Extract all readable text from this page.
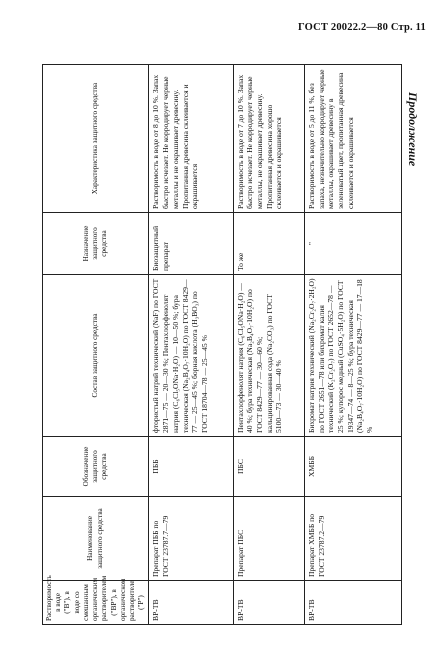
ГОСТ 20022.2—80 Стр. 11
Продолжение
Растворимость в воде ("В"), в воде со смешанным органическим растворителем ("ВР"), в органическом растворителе ("Р")	Наименование защитного средства	Обозначение защитного средства	Состав защитного средства	Назначение защитного средства	Характеристика защитного средства
ВР-ТВ	Препарат ПББ по ГОСТ 23787.7—79	ПББ	фтористый натрий технический (NaF) по ГОСТ 2871—75 — 20—30 %; Пентахлорфенолят натрия (C₆Cl₅ONa·H₂O) — 10—50 %; бура техническая (Na₂B₄O₇·10H₂O) по ГОСТ 8429—77 — 25—45 %; борная кислота (H₃BO₃) по ГОСТ 18704—78 — 25—45 %	Биозащитный препарат	Растворимость в воде от 8 до 10 %. Запах быстро исчезает. Не корродирует черные металлы и не окрашивает древесину. Пропитанная древесина склеивается и окрашивается
ВР-ТВ	Препарат ПБС	ПБС	Пентахлорфенолят натрия (C₆Cl₅ONa·H₂O) — 40 %; бура техническая (Na₂B₄O₇·10H₂O) по ГОСТ 8429—77 — 30—60 %; кальцинированная сода (Na₂CO₃) по ГОСТ 5100—73 — 30—40 %	То же	Растворимость в воде от 7 до 10 %. Запах быстро исчезает. Не корродирует черные металлы, не окрашивает древесину. Пропитанная древесина хорошо склеивается и окрашивается
ВР-ТВ	Препарат ХМББ по ГОСТ 23787.2—79	ХМББ	Бихромат натрия технический (Na₂Cr₂O₇·2H₂O) по ГОСТ 2651—78 или бихромат калия технический (K₂Cr₂O₇) по ГОСТ 2652—78 — 25 %; купорос медный (CuSO₄·5H₂O) по ГОСТ 19347—74 — 8—25 %; бура техническая (Na₂B₄O₇·10H₂O) по ГОСТ 8429—77 — 17—18 %	"	Растворимость в воде от 5 до 11 %, без запаха, незначительно корродирует черные металлы, окрашивает древесину в зеленоватый цвет, пропитанная древесина склеивается и окрашивается
